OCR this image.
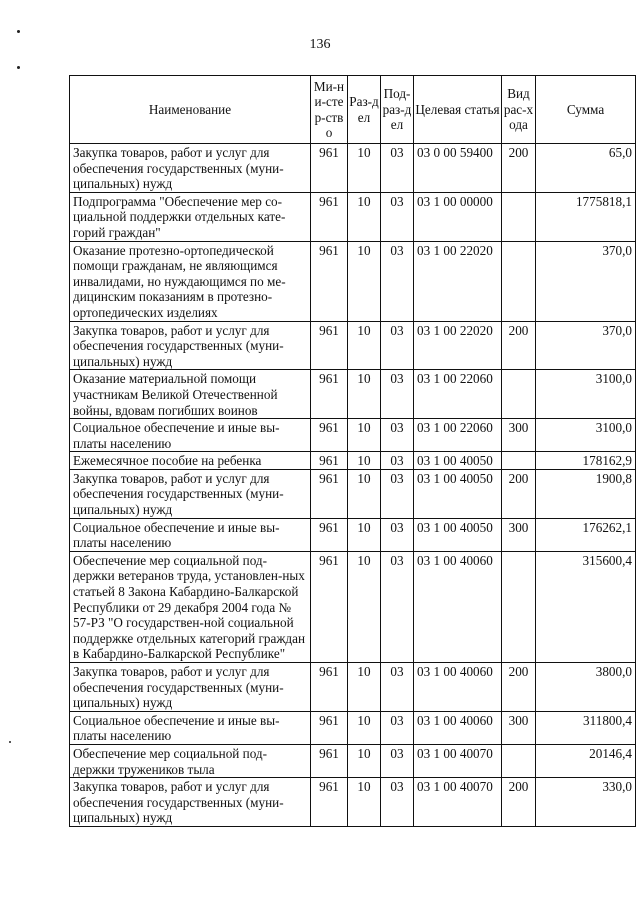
136
Наименование	Ми-ни-стер-ство	Раз-дел	Под-раз-дел	Целевая статья	Вид рас-хода	Сумма
Закупка товаров, работ и услуг для обеспечения государственных (муни-ципальных) нужд	961	10	03	03 0 00 59400	200	65,0
Подпрограмма "Обеспечение мер со-циальной поддержки отдельных кате-горий граждан"	961	10	03	03 1 00 00000		1775818,1
Оказание протезно-ортопедической помощи гражданам, не являющимся инвалидами, но нуждающимся по ме-дицинским показаниям в протезно-ортопедических изделиях	961	10	03	03 1 00 22020		370,0
Закупка товаров, работ и услуг для обеспечения государственных (муни-ципальных) нужд	961	10	03	03 1 00 22020	200	370,0
Оказание материальной помощи участникам Великой Отечественной войны, вдовам погибших воинов	961	10	03	03 1 00 22060		3100,0
Социальное обеспечение и иные вы-платы населению	961	10	03	03 1 00 22060	300	3100,0
Ежемесячное пособие на ребенка	961	10	03	03 1 00 40050		178162,9
Закупка товаров, работ и услуг для обеспечения государственных (муни-ципальных) нужд	961	10	03	03 1 00 40050	200	1900,8
Социальное обеспечение и иные вы-платы населению	961	10	03	03 1 00 40050	300	176262,1
Обеспечение мер социальной под-держки ветеранов труда, установлен-ных статьей 8 Закона Кабардино-Балкарской Республики от 29 декабря 2004 года № 57-РЗ "О государствен-ной социальной поддержке отдельных категорий граждан в Кабардино-Балкарской Республике"	961	10	03	03 1 00 40060		315600,4
Закупка товаров, работ и услуг для обеспечения государственных (муни-ципальных) нужд	961	10	03	03 1 00 40060	200	3800,0
Социальное обеспечение и иные вы-платы населению	961	10	03	03 1 00 40060	300	311800,4
Обеспечение мер социальной под-держки тружеников тыла	961	10	03	03 1 00 40070		20146,4
Закупка товаров, работ и услуг для обеспечения государственных (муни-ципальных) нужд	961	10	03	03 1 00 40070	200	330,0
